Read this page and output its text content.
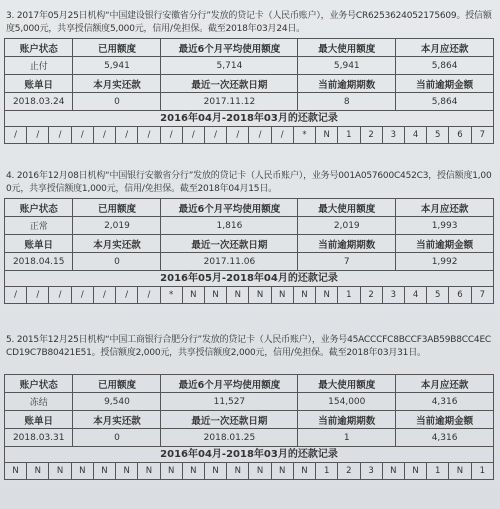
3. 2017年05月25日机构“中国建设银行安徽省分行”发放的贷记卡（人民币账户），业务号CR625362405217560​9。授信额度5,000元，共享授信额度5,000元，信用/免担保。截至2018年03月24日。
账户状态	已用额度	最近6个月平均使用额度	最大使用额度	本月应还款
止付	5,941	5,714	5,941	5,864
账单日	本月实还款	最近一次还款日期	当前逾期期数	当前逾期金额
2018.03.24	0	2017.11.12	8	5,864
2016年04月-2018年03月的还款记录
/	/	/	/	/	/	/	/	/	/	/	/	/	*	N	1	2	3	4	5	6	7
4. 2016年12月08日机构“中国银行安徽省分行”发放的贷记卡（人民币账户），业务号001A057600C452C3，授信额度1,000元，共享授信额度1,000元，信用/免担保。截至2018年04月15日。
账户状态	已用额度	最近6个月平均使用额度	最大使用额度	本月应还款
正常	2,019	1,816	2,019	1,993
账单日	本月实还款	最近一次还款日期	当前逾期期数	当前逾期金额
2018.04.15	0	2017.11.06	7	1,992
2016年05月-2018年04月的还款记录
/	/	/	/	/	/	/	*	N	N	N	N	N	N	N	1	2	3	4	5	6	7
5. 2015年12月25日机构“中国工商银行合肥分行”发放的贷记卡（人民币账户），业务号45ACCCFC8BCCF3AB59B8CC4ECCD19C7B80421E51。授信额度2,000元，共享授信额度2,000元，信用/免担保。截至2018年03月31日。
账户状态	已用额度	最近6个月平均使用额度	最大使用额度	本月应还款
冻结	9,540	11,527	154,000	4,316
账单日	本月实还款	最近一次还款日期	当前逾期期数	当前逾期金额
2018.03.31	0	2018.01.25	1	4,316
2016年04月-2018年03月的还款记录
N	N	N	N	N	N	N	N	N	N	N	N	N	N	1	2	3	N	N	1	N	1
